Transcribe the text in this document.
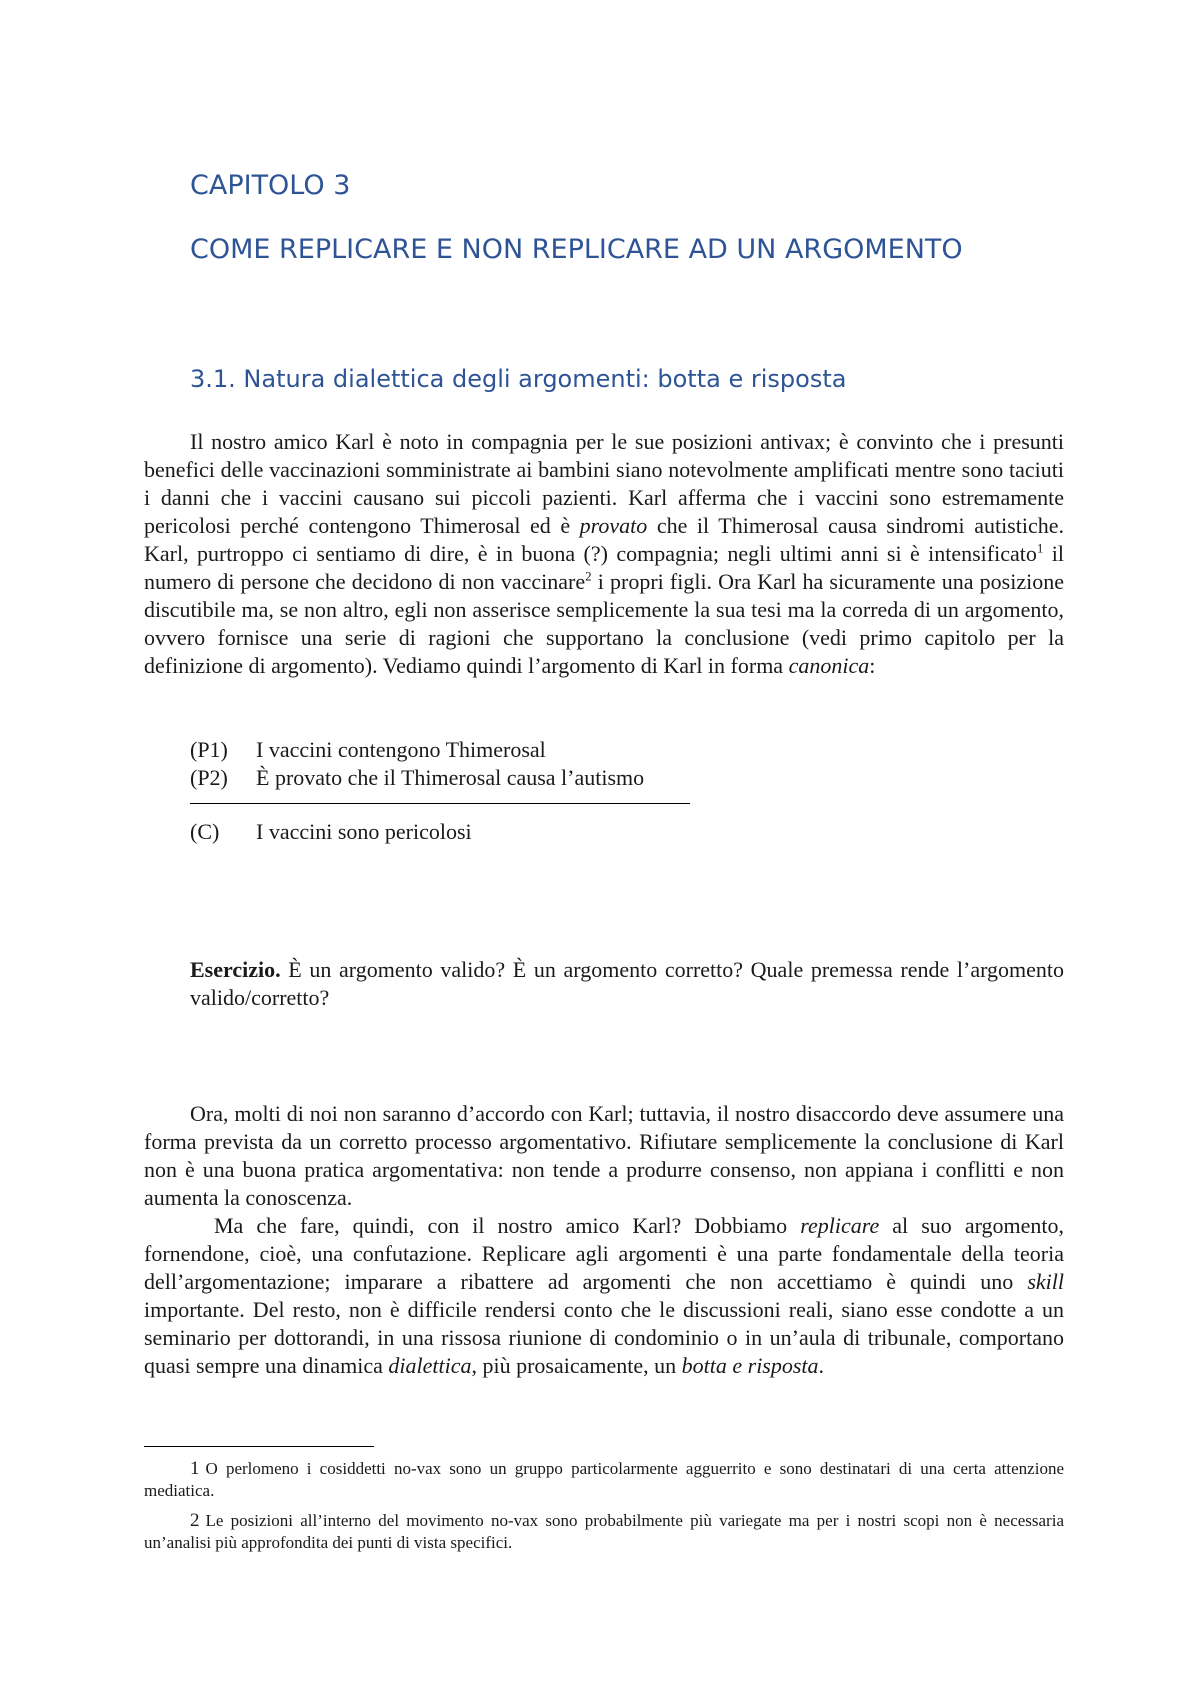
CAPITOLO 3
COME REPLICARE E NON REPLICARE AD UN ARGOMENTO
3.1. Natura dialettica degli argomenti: botta e risposta

Il nostro amico Karl è noto in compagnia per le sue posizioni antivax; è convinto che i presunti benefici delle vaccinazioni somministrate ai bambini siano notevolmente amplificati mentre sono taciuti i danni che i vaccini causano sui piccoli pazienti. Karl afferma che i vaccini sono estremamente pericolosi perché contengono Thimerosal ed è provato che il Thimerosal causa sindromi autistiche. Karl, purtroppo ci sentiamo di dire, è in buona (?) compagnia; negli ultimi anni si è intensificato$^1$ il numero di persone che decidono di non vaccinare$^2$ i propri figli. Ora Karl ha sicuramente una posizione discutibile ma, se non altro, egli non asserisce semplicemente la sua tesi ma la correda di un argomento, ovvero fornisce una serie di ragioni che supportano la conclusione (vedi primo capitolo per la definizione di argomento). Vediamo quindi l’argomento di Karl in forma canonica:

(P1) I vaccini contengono Thimerosal

(P2) È provato che il Thimerosal causa l’autismo

(C) I vaccini sono pericolosi

Esercizio. È un argomento valido? È un argomento corretto? Quale premessa rende l’argomento valido/corretto?

Ora, molti di noi non saranno d’accordo con Karl; tuttavia, il nostro disaccordo deve assumere una forma prevista da un corretto processo argomentativo. Rifiutare semplicemente la conclusione di Karl non è una buona pratica argomentativa: non tende a produrre consenso, non appiana i conflitti e non aumenta la conoscenza.

Ma che fare, quindi, con il nostro amico Karl? Dobbiamo replicare al suo argomento, fornendone, cioè, una confutazione. Replicare agli argomenti è una parte fondamentale della teoria dell’argomentazione; imparare a ribattere ad argomenti che non accettiamo è quindi uno skill importante. Del resto, non è difficile rendersi conto che le discussioni reali, siano esse condotte a un seminario per dottorandi, in una rissosa riunione di condominio o in un’aula di tribunale, comportano quasi sempre una dinamica dialettica, più prosaicamente, un botta e risposta.

1 O perlomeno i cosiddetti no-vax sono un gruppo particolarmente agguerrito e sono destinatari di una certa attenzione mediatica.

2 Le posizioni all’interno del movimento no-vax sono probabilmente più variegate ma per i nostri scopi non è necessaria un’analisi più approfondita dei punti di vista specifici.
